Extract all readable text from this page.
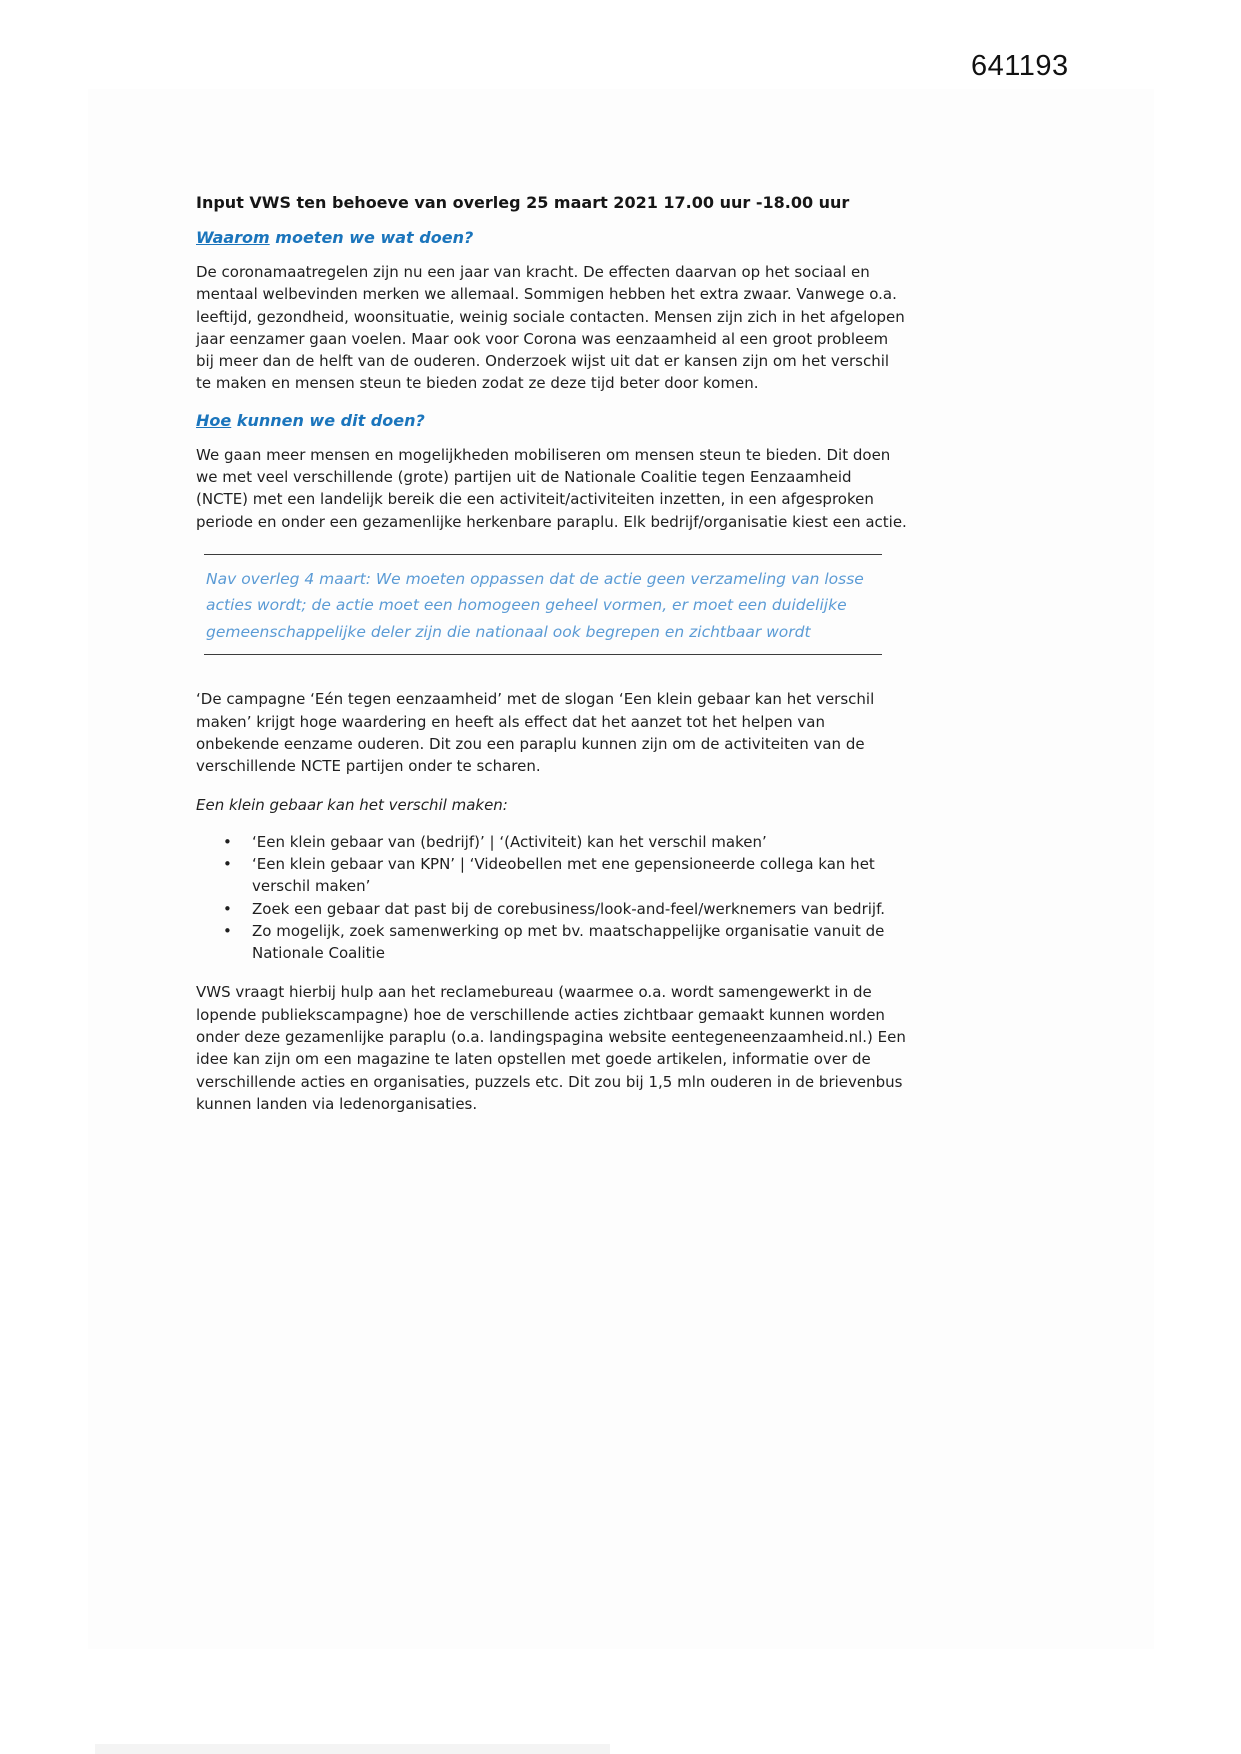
641193
Input VWS ten behoeve van overleg 25 maart 2021 17.00 uur -18.00 uur
Waarom moeten we wat doen?

De coronamaatregelen zijn nu een jaar van kracht. De effecten daarvan op het sociaal en mentaal welbevinden merken we allemaal. Sommigen hebben het extra zwaar. Vanwege o.a. leeftijd, gezondheid, woonsituatie, weinig sociale contacten. Mensen zijn zich in het afgelopen jaar eenzamer gaan voelen. Maar ook voor Corona was eenzaamheid al een groot probleem bij meer dan de helft van de ouderen. Onderzoek wijst uit dat er kansen zijn om het verschil te maken en mensen steun te bieden zodat ze deze tijd beter door komen.

Hoe kunnen we dit doen?

We gaan meer mensen en mogelijkheden mobiliseren om mensen steun te bieden. Dit doen we met veel verschillende (grote) partijen uit de Nationale Coalitie tegen Eenzaamheid (NCTE) met een landelijk bereik die een activiteit/activiteiten inzetten, in een afgesproken periode en onder een gezamenlijke herkenbare paraplu. Elk bedrijf/organisatie kiest een actie.

Nav overleg 4 maart: We moeten oppassen dat de actie geen verzameling van losse acties wordt; de actie moet een homogeen geheel vormen, er moet een duidelijke gemeenschappelijke deler zijn die nationaal ook begrepen en zichtbaar wordt

‘De campagne ‘Eén tegen eenzaamheid’ met de slogan ‘Een klein gebaar kan het verschil maken’ krijgt hoge waardering en heeft als effect dat het aanzet tot het helpen van onbekende eenzame ouderen. Dit zou een paraplu kunnen zijn om de activiteiten van de verschillende NCTE partijen onder te scharen.

Een klein gebaar kan het verschil maken:

• ‘Een klein gebaar van (bedrijf)’ | ‘(Activiteit) kan het verschil maken’
• ‘Een klein gebaar van KPN’ | ‘Videobellen met ene gepensioneerde collega kan het verschil maken’
• Zoek een gebaar dat past bij de corebusiness/look-and-feel/werknemers van bedrijf.
• Zo mogelijk, zoek samenwerking op met bv. maatschappelijke organisatie vanuit de Nationale Coalitie

VWS vraagt hierbij hulp aan het reclamebureau (waarmee o.a. wordt samengewerkt in de lopende publiekscampagne) hoe de verschillende acties zichtbaar gemaakt kunnen worden onder deze gezamenlijke paraplu (o.a. landingspagina website eentegeneenzaamheid.nl.) Een idee kan zijn om een magazine te laten opstellen met goede artikelen, informatie over de verschillende acties en organisaties, puzzels etc. Dit zou bij 1,5 mln ouderen in de brievenbus kunnen landen via ledenorganisaties.
